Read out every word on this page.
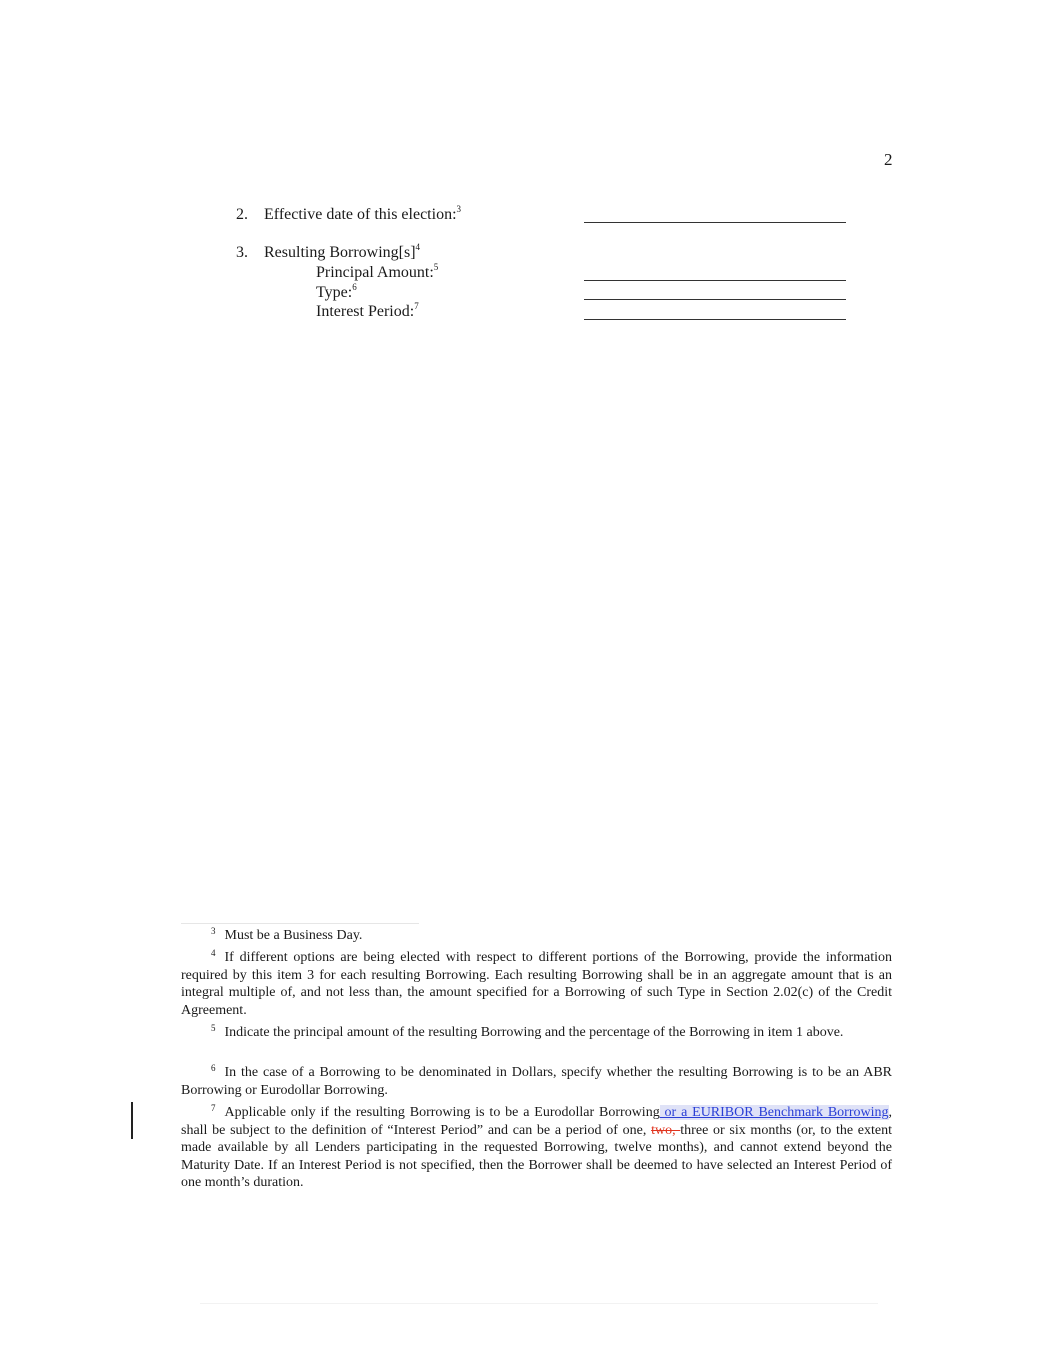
2
2. Effective date of this election:$^3$
3. Resulting $Borrowing[s]^4$
Principal Amount:$^5$
Type:$^6$
Interest Period:$^7$
$^3$ Must be a Business Day.
$^4$ If different options are being elected with respect to different portions of the Borrowing, provide the information required by this item 3 for each resulting Borrowing. Each resulting Borrowing shall be in an aggregate amount that is an integral multiple of, and not less than, the amount specified for a Borrowing of such Type in Section 2.02(c) of the Credit Agreement.
$^5$ Indicate the principal amount of the resulting Borrowing and the percentage of the Borrowing in item 1 above.
$^6$ In the case of a Borrowing to be denominated in Dollars, specify whether the resulting Borrowing is to be an ABR Borrowing or Eurodollar Borrowing.
$^7$ Applicable only if the resulting Borrowing is to be a Eurodollar Borrowing or a EURIBOR Benchmark Borrowing, shall be subject to the definition of “Interest Period” and can be a period of one, two, three or six months (or, to the extent made available by all Lenders participating in the requested Borrowing, twelve months), and cannot extend beyond the Maturity Date. If an Interest Period is not specified, then the Borrower shall be deemed to have selected an Interest Period of one month’s duration.
